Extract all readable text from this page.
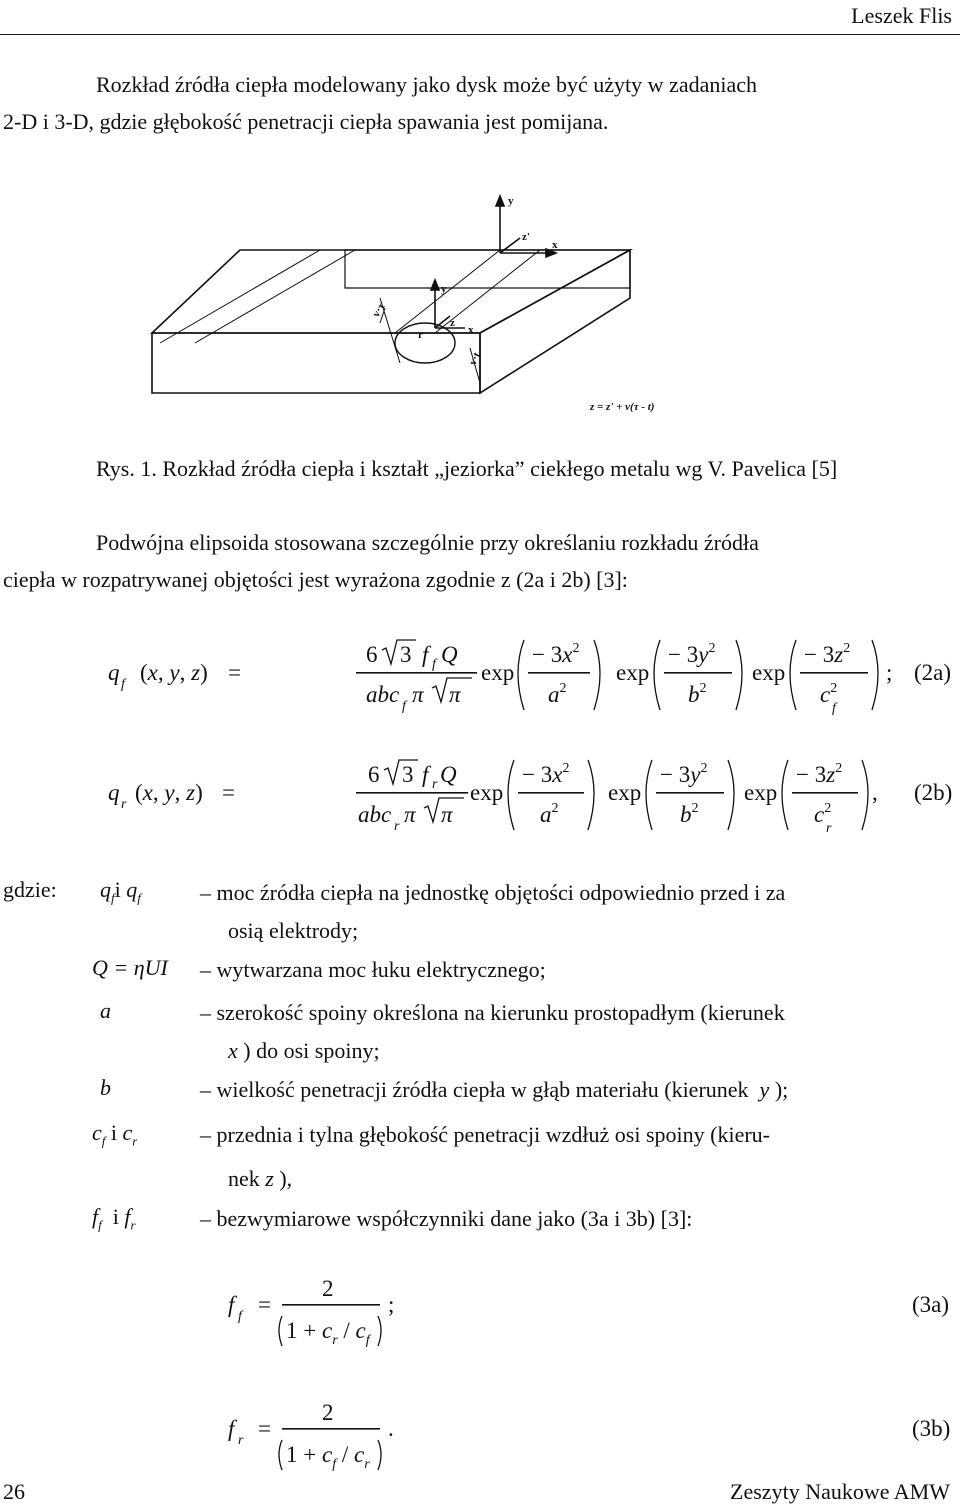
Leszek Flis
Rozkład źródła ciepła modelowany jako dysk może być użyty w zadaniach
2-D i 3-D, gdzie głębokość penetracji ciepła spawania jest pomijana.
y
z'
x
y
r
z
x
v·τ
v·t
z = z' + v(τ - t)
Rys. 1. Rozkład źródła ciepła i kształt „jeziorka” ciekłego metalu wg V. Pavelica [5]
Podwójna elipsoida stosowana szczególnie przy określaniu rozkładu źródła
ciepła w rozpatrywanej objętości jest wyrażona zgodnie z (2a i 2b) [3]:
q f (x, y, z) =
6 3 f f Q
abc f π π
exp
− $3x^2$
$a^2$
exp
− $3y^2$
$b^2$
exp
− $3z^2$
$c^2$
f
; (2a)
q r (x, y, z) =
6 3 f r Q
abc r π π
exp
− $3x^2$
$a^2$
exp
− $3y^2$
$b^2$
exp
− $3z^2$
$c^2$
r
, (2b)
gdzie: $q_fi$ $q_f$	– moc źródła ciepła na jednostkę objętości odpowiednio przed i za
osią elektrody;
Q = ηUI – wytwarzana moc łuku elektrycznego;
a	– szerokość spoiny określona na kierunku prostopadłym (kierunek
x ) do osi spoiny;
b	– wielkość penetracji źródła ciepła w głąb materiału (kierunek y );
$c_f$ i $c_r$	– przednia i tylna głębokość penetracji wzdłuż osi spoiny (kieru-
nek z ),
$f_f$ i $f_r$	– bezwymiarowe współczynniki dane jako (3a i 3b) [3]:
f f =
2
$1 + c_r / c_f$
;	(3a)
f r =
2
$1 + c_f / c_r$
.	(3b)
26	Zeszyty Naukowe AMW
